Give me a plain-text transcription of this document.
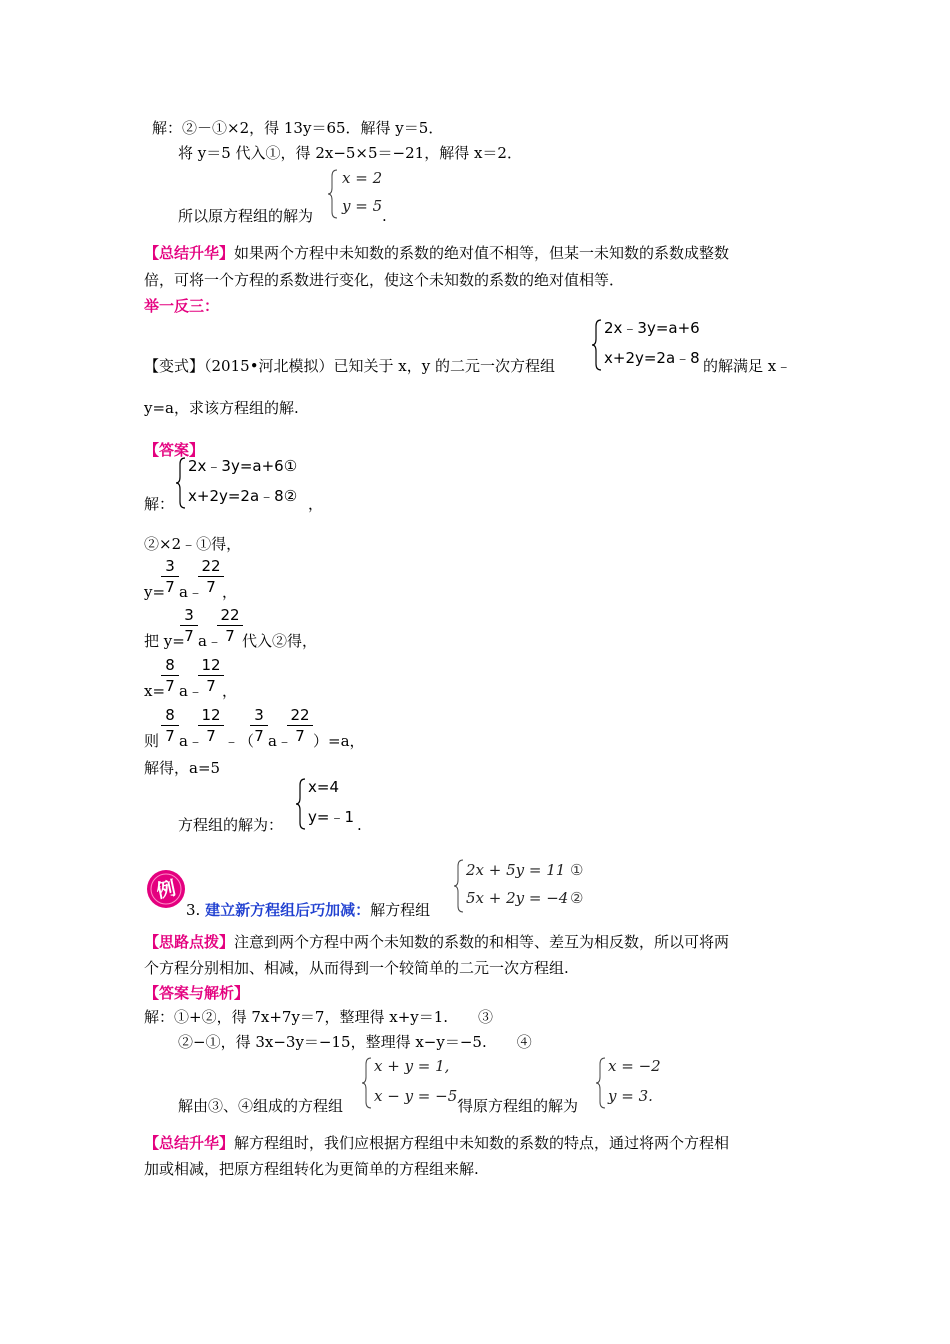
解：②－①×2，得 13y＝65．解得 y＝5．
将 y＝5 代入①，得 2x−5×5＝−21，解得 x＝2．
所以原方程组的解为
x = 2
y = 5
.
【总结升华】如果两个方程中未知数的系数的绝对值不相等，但某一未知数的系数成整数
倍，可将一个方程的系数进行变化，使这个未知数的系数的绝对值相等．
举一反三：
【变式】（2015•河北模拟）已知关于 x，y 的二元一次方程组
2x﹣3y=a+6
x+2y=2a﹣8 的解满足 x﹣
y=a，求该方程组的解.
【答案】
解：
2x﹣3y=a+6①
x+2y=2a﹣8② ，
②×2﹣①得，
y=
$\frac{3}{7}$ a﹣
$\frac{22}{7}$
，
把 y=
$\frac{3}{7}$ a﹣
$\frac{22}{7}$ 代入②得，
x=
$\frac{8}{7}$ a﹣
$\frac{12}{7}$
，
则 $\frac{8}{7}$ a﹣
$\frac{12}{7}$ ﹣（
$\frac{3}{7}$ a﹣
$\frac{22}{7} )=a$，
解得，a=5
方程组的解为：
x=4
y=﹣1 .
例
3. 建立新方程组后巧加减：解方程组
2x + 5y = 11 ①
5x + 2y = −4 ②
【思路点拨】注意到两个方程中两个未知数的系数的和相等、差互为相反数，所以可将两
个方程分别相加、相减，从而得到一个较简单的二元一次方程组.
【答案与解析】
解：①+②，得 7x+7y＝7，整理得 x+y＝1.　　③
②−①，得 3x−3y＝−15，整理得 x−y＝−5.　　④
解由③、④组成的方程组
x + y = 1,
x − y = −5,
得原方程组的解为
x = −2
y = 3.
【总结升华】解方程组时，我们应根据方程组中未知数的系数的特点，通过将两个方程相
加或相减，把原方程组转化为更简单的方程组来解.
